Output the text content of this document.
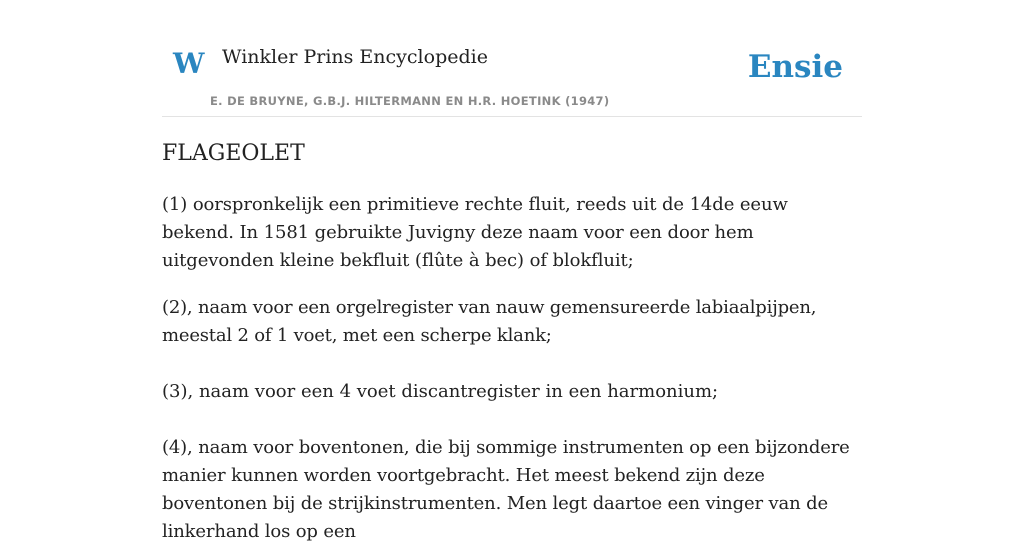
W Winkler Prins Encyclopedie
E. DE BRUYNE, G.B.J. HILTERMANN EN H.R. HOETINK (1947)
Ensie
FLAGEOLET

(1) oorspronkelijk een primitieve rechte fluit, reeds uit de 14de eeuw bekend. In 1581 gebruikte Juvigny deze naam voor een door hem uitgevonden kleine bekfluit (flûte à bec) of blokfluit;

(2), naam voor een orgelregister van nauw gemensureerde labiaalpijpen, meestal 2 of 1 voet, met een scherpe klank;

(3), naam voor een 4 voet discantregister in een harmonium;

(4), naam voor boventonen, die bij sommige instrumenten op een bijzondere manier kunnen worden voortgebracht. Het meest bekend zijn deze boventonen bij de strijkinstrumenten. Men legt daartoe een vinger van de linkerhand los op een
